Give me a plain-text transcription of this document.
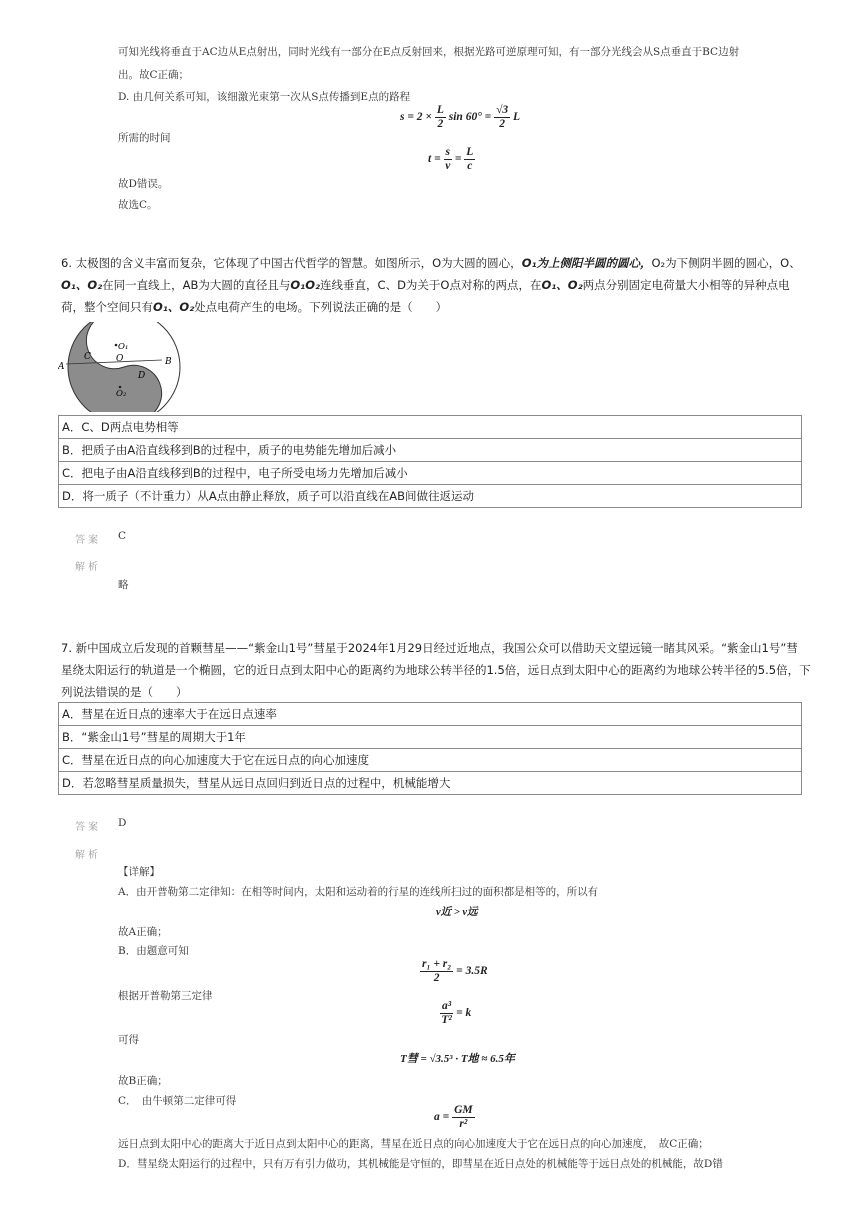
可知光线将垂直于AC边从E点射出，同时光线有一部分在E点反射回来，根据光路可逆原理可知，有一部分光线会从S点垂直于BC边射
出。故C正确；
D. 由几何关系可知，该细激光束第一次从S点传播到E点的路程
$s = 2 \times \frac{L}{2}$ $\sin 60^\circ = \frac{√3}{2}$ L
所需的时间
$t = \frac{s}{v} = \frac{L}{c}$
故D错误。
故选C。
6. 太极图的含义丰富而复杂，它体现了中国古代哲学的智慧。如图所示，O为大圆的圆心，O₁为上侧阳半圆的圆心，O₂为下侧阴半圆的圆心，O、
O₁、O₂在同一直线上，AB为大圆的直径且与O₁O₂连线垂直，C、D为关于O点对称的两点，在O₁、O₂两点分别固定电荷量大小相等的异种点电
荷，整个空间只有O₁、O₂处点电荷产生的电场。下列说法正确的是（　　）
A	B
C
D
O
O₁
O₂
A．C、D两点电势相等
B．把质子由A沿直线移到B的过程中，质子的电势能先增加后减小
C．把电子由A沿直线移到B的过程中，电子所受电场力先增加后减小
D．将一质子（不计重力）从A点由静止释放，质子可以沿直线在AB间做往返运动
答案 C
解析
略
7. 新中国成立后发现的首颗彗星——“紫金山1号”彗星于2024年1月29日经过近地点，我国公众可以借助天文望远镜一睹其风采。“紫金山1号”彗
星绕太阳运行的轨道是一个椭圆，它的近日点到太阳中心的距离约为地球公转半径的1.5倍，远日点到太阳中心的距离约为地球公转半径的5.5倍，下
列说法错误的是（　　）
A．彗星在近日点的速率大于在远日点速率
B．“紫金山1号”彗星的周期大于1年
C．彗星在近日点的向心加速度大于它在远日点的向心加速度
D．若忽略彗星质量损失，彗星从远日点回归到近日点的过程中，机械能增大
答案 D
解析
【详解】
A．由开普勒第二定律知：在相等时间内，太阳和运动着的行星的连线所扫过的面积都是相等的，所以有
v近 > v远
故A正确；
B．由题意可知
$\frac{\text{r₁ + r₂}}{2} = 3.5R$
根据开普勒第三定律
$\frac{\text{a³}}{\text{T²}} = k$
可得
T彗 = √3.5³ · T地 ≈ 6.5年
故B正确；
C．　由牛顿第二定律可得
$a = \frac{GM}{\text{r²}}$
远日点到太阳中心的距离大于近日点到太阳中心的距离，彗星在近日点的向心加速度大于它在远日点的向心加速度，　故C正确；
D．彗星绕太阳运行的过程中，只有万有引力做功，其机械能是守恒的，即彗星在近日点处的机械能等于远日点处的机械能，故D错
